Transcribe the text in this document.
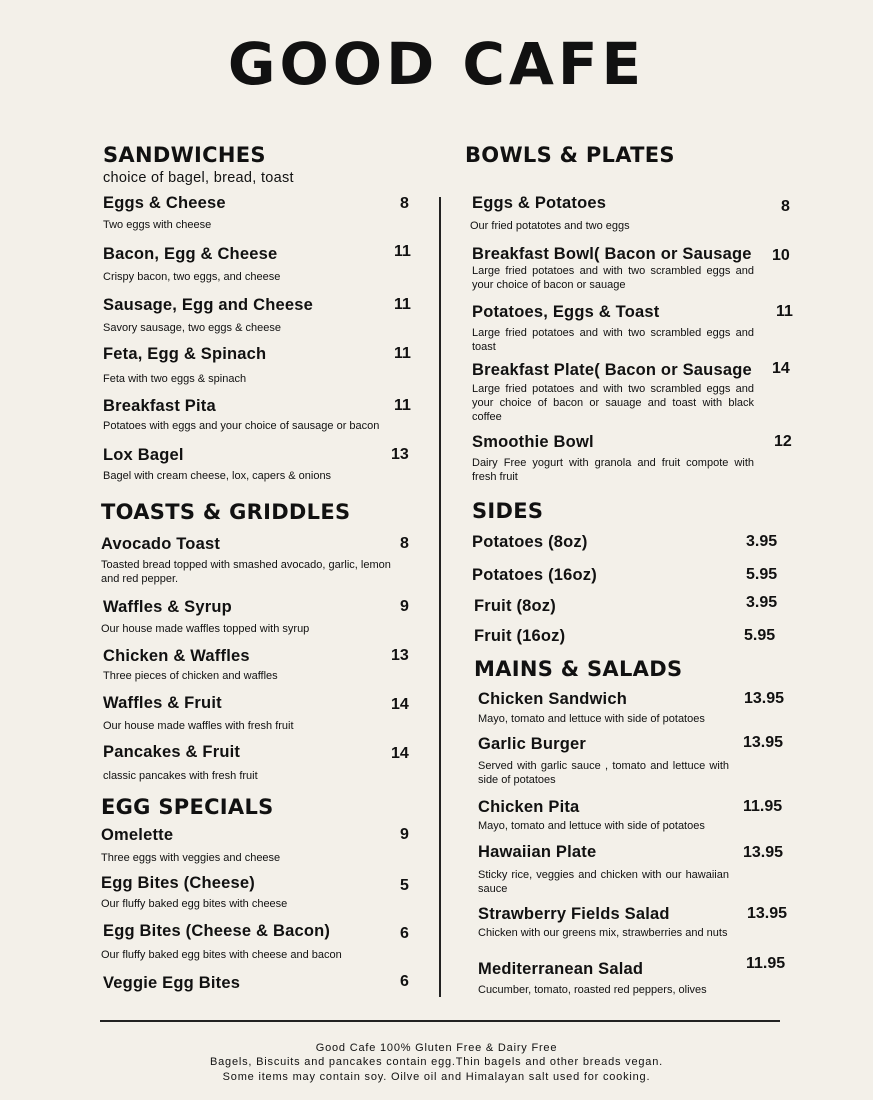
GOOD CAFE
SANDWICHES
choice of bagel, bread, toast
Eggs & Cheese
Two eggs with cheese
8
Bacon, Egg & Cheese
Crispy bacon, two eggs, and cheese
11
Sausage, Egg and Cheese
Savory sausage, two eggs & cheese
11
Feta, Egg & Spinach
Feta with two eggs & spinach
11
Breakfast Pita
Potatoes with eggs and your choice of sausage or bacon
11
Lox Bagel
Bagel with cream cheese, lox, capers & onions
13
TOASTS & GRIDDLES
Avocado Toast
Toasted bread topped with smashed avocado, garlic, lemon and red pepper.
8
Waffles & Syrup
Our house made waffles topped with syrup
9
Chicken & Waffles
Three pieces of chicken and waffles
13
Waffles & Fruit
Our house made waffles with fresh fruit
14
Pancakes & Fruit
classic pancakes with fresh fruit
14
EGG SPECIALS
Omelette
Three eggs with veggies and cheese
9
Egg Bites (Cheese)
Our fluffy baked egg bites with cheese
5
Egg Bites (Cheese & Bacon)
Our fluffy baked egg bites with cheese and bacon
6
Veggie Egg Bites	6
BOWLS & PLATES
Eggs & Potatoes
Our fried potatotes and two eggs
8
Breakfast Bowl( Bacon or Sausage
Large fried potatoes and with two scrambled eggs and your choice of bacon or sauage
10
Potatoes, Eggs & Toast
Large fried potatoes and with two scrambled eggs and toast
11
Breakfast Plate( Bacon or Sausage
Large fried potatoes and with two scrambled eggs and your choice of bacon or sauage and toast with black coffee
14
Smoothie Bowl
Dairy Free yogurt with granola and fruit compote with fresh fruit
12
SIDES
Potatoes (8oz)	3.95
Potatoes (16oz)	5.95
Fruit (8oz)	3.95
Fruit (16oz)	5.95
MAINS & SALADS
Chicken Sandwich
Mayo, tomato and lettuce with side of potatoes
13.95
Garlic Burger
Served with garlic sauce , tomato and lettuce with side of potatoes
13.95
Chicken Pita
Mayo, tomato and lettuce with side of potatoes
11.95
Hawaiian Plate
Sticky rice, veggies and chicken with our hawaiian sauce
13.95
Strawberry Fields Salad
Chicken with our greens mix, strawberries and nuts
13.95
Mediterranean Salad
Cucumber, tomato, roasted red peppers, olives
11.95
Good Cafe 100% Gluten Free & Dairy Free
Bagels, Biscuits and pancakes contain egg.Thin bagels and other breads vegan.
Some items may contain soy. Oilve oil and Himalayan salt used for cooking.
